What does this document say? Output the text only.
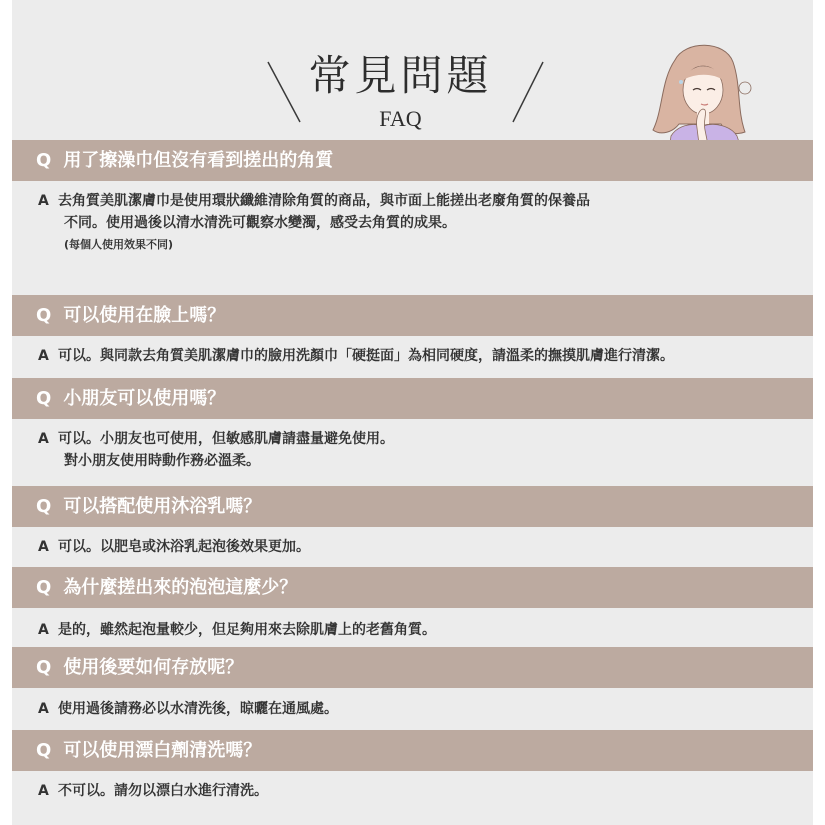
常見問題
FAQ
Q 用了擦澡巾但沒有看到搓出的角質
A 去角質美肌潔膚巾是使用環狀纖維清除角質的商品，與市面上能搓出老廢角質的保養品
不同。使用過後以清水清洗可觀察水變濁，感受去角質的成果。
(每個人使用效果不同)
Q 可以使用在臉上嗎？
A 可以。與同款去角質美肌潔膚巾的臉用洗顏巾「硬挺面」為相同硬度，請溫柔的撫摸肌膚進行清潔。
Q 小朋友可以使用嗎？
A 可以。小朋友也可使用，但敏感肌膚請盡量避免使用。
對小朋友使用時動作務必溫柔。
Q 可以搭配使用沐浴乳嗎？
A 可以。以肥皂或沐浴乳起泡後效果更加。
Q 為什麼搓出來的泡泡這麼少？
A 是的，雖然起泡量較少，但足夠用來去除肌膚上的老舊角質。
Q 使用後要如何存放呢？
A 使用過後請務必以水清洗後，晾曬在通風處。
Q 可以使用漂白劑清洗嗎？
A 不可以。請勿以漂白水進行清洗。
